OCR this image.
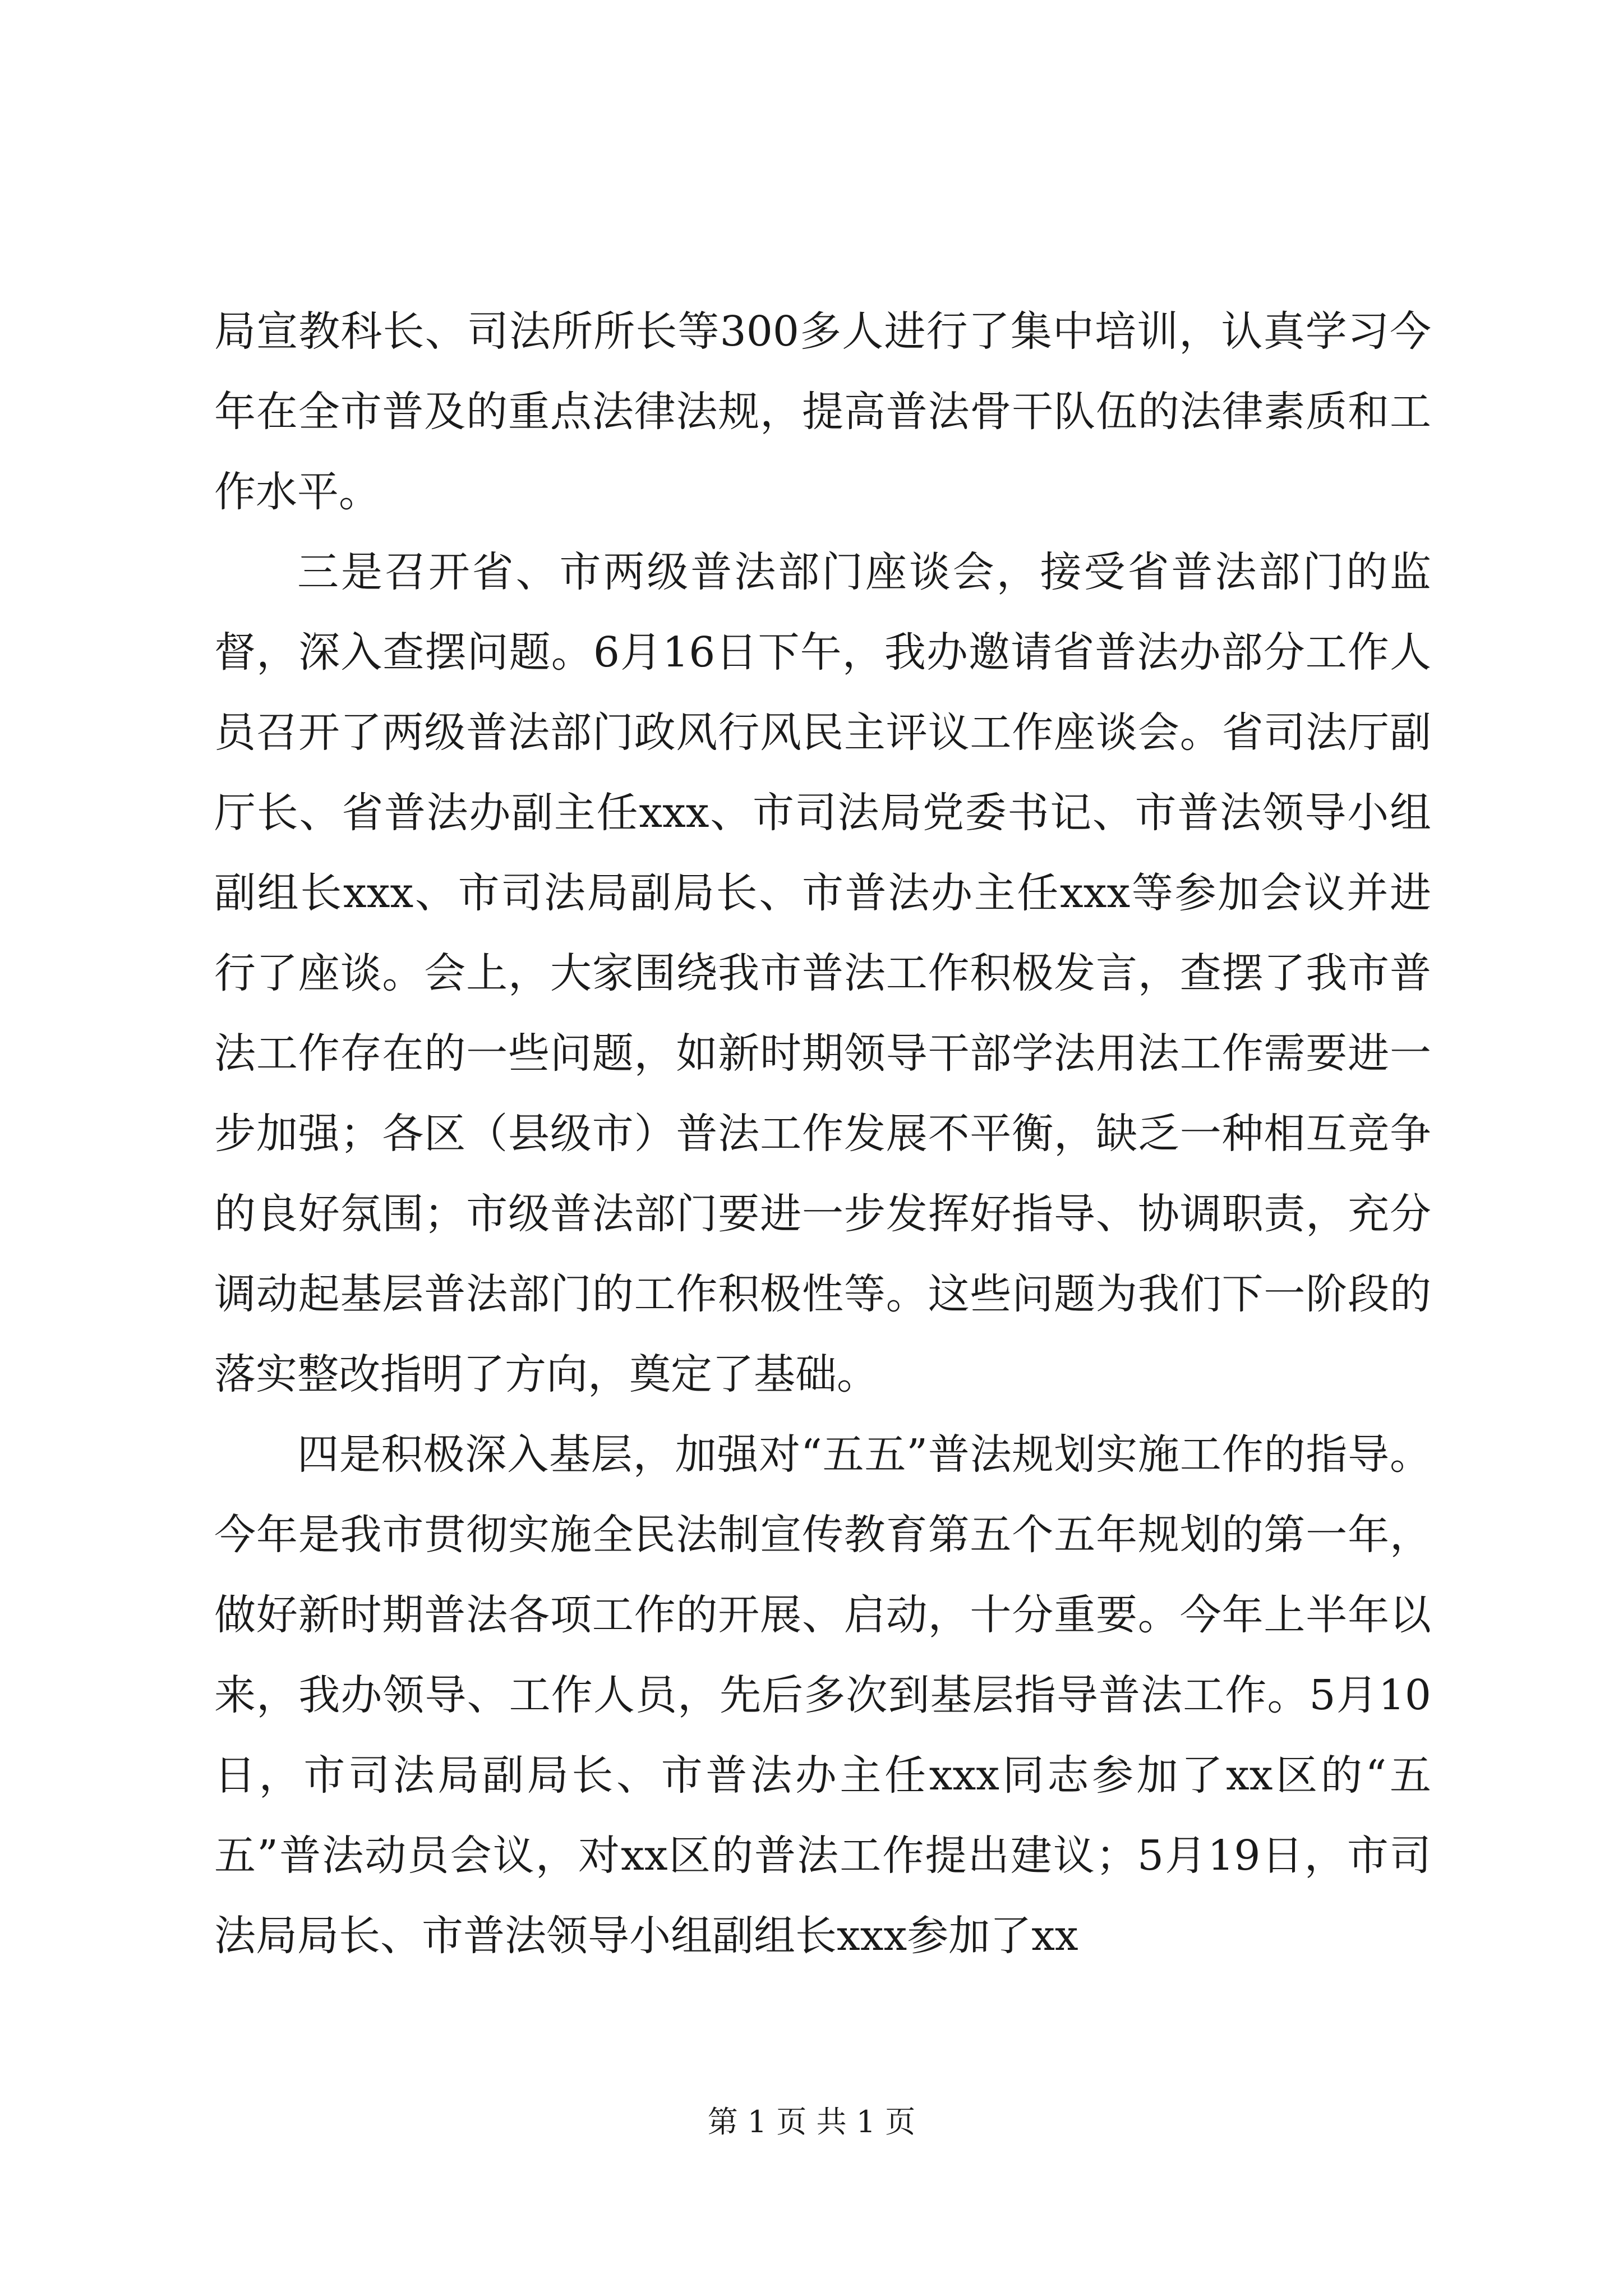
局宣教科长、司法所所长等300多人进行了集中培训，认真学习今年在全市普及的重点法律法规，提高普法骨干队伍的法律素质和工作水平。

三是召开省、市两级普法部门座谈会，接受省普法部门的监督，深入查摆问题。6月16日下午，我办邀请省普法办部分工作人员召开了两级普法部门政风行风民主评议工作座谈会。省司法厅副厅长、省普法办副主任xxx、市司法局党委书记、市普法领导小组副组长xxx、市司法局副局长、市普法办主任xxx等参加会议并进行了座谈。会上，大家围绕我市普法工作积极发言，查摆了我市普法工作存在的一些问题，如新时期领导干部学法用法工作需要进一步加强；各区（县级市）普法工作发展不平衡，缺乏一种相互竞争的良好氛围；市级普法部门要进一步发挥好指导、协调职责，充分调动起基层普法部门的工作积极性等。这些问题为我们下一阶段的落实整改指明了方向，奠定了基础。

四是积极深入基层，加强对“五五”普法规划实施工作的指导。今年是我市贯彻实施全民法制宣传教育第五个五年规划的第一年，做好新时期普法各项工作的开展、启动，十分重要。今年上半年以来，我办领导、工作人员，先后多次到基层指导普法工作。5月10日，市司法局副局长、市普法办主任xxx同志参加了xx区的“五五”普法动员会议，对xx区的普法工作提出建议；5月19日，市司法局局长、市普法领导小组副组长xxx参加了xx

第 1 页 共 1 页
